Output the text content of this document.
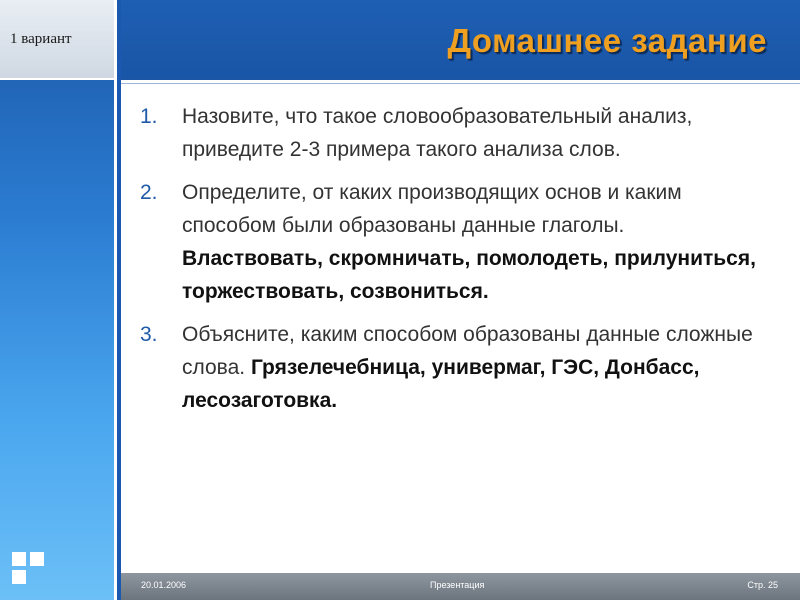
1 вариант	Домашнее задание
1. Назовите, что такое словообразовательный анализ, приведите 2-3 примера такого анализа слов.
2. Определите, от каких производящих основ и каким способом были образованы данные глаголы.
Властвовать, скромничать, помолодеть, прилуниться, торжествовать, созвониться.
3. Объясните, каким способом образованы данные сложные слова. Грязелечебница, универмаг, ГЭС, Донбасс, лесозаготовка.
20.01.2006	Презентация	Стр. 25
